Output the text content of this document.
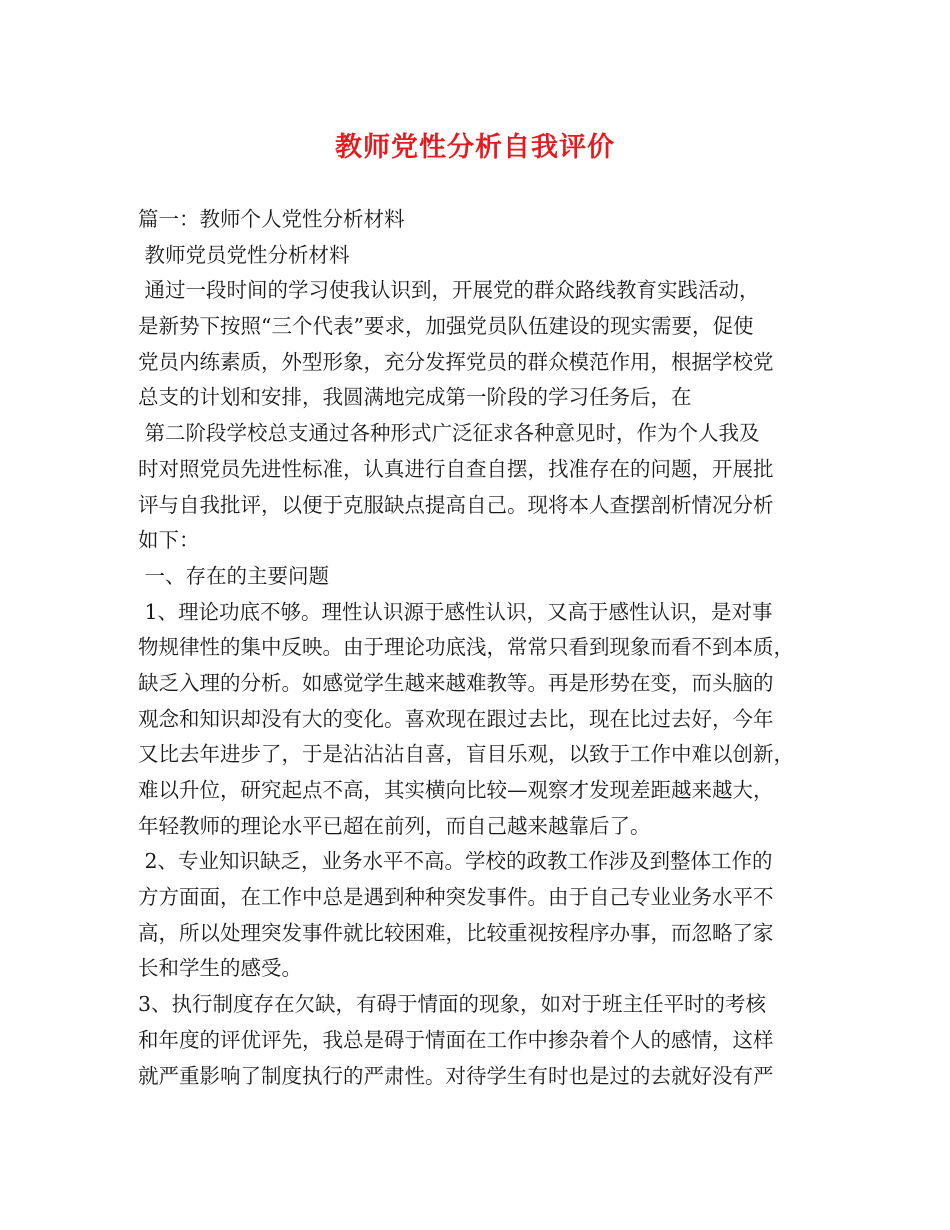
教师党性分析自我评价
篇一：教师个人党性分析材料
教师党员党性分析材料
通过一段时间的学习使我认识到，开展党的群众路线教育实践活动，
是新势下按照“三个代表”要求，加强党员队伍建设的现实需要，促使
党员内练素质，外型形象，充分发挥党员的群众模范作用，根据学校党
总支的计划和安排，我圆满地完成第一阶段的学习任务后，在
第二阶段学校总支通过各种形式广泛征求各种意见时，作为个人我及
时对照党员先进性标准，认真进行自查自摆，找准存在的问题，开展批
评与自我批评，以便于克服缺点提高自己。现将本人查摆剖析情况分析
如下：
一、存在的主要问题
1、理论功底不够。理性认识源于感性认识，又高于感性认识，是对事
物规律性的集中反映。由于理论功底浅，常常只看到现象而看不到本质，
缺乏入理的分析。如感觉学生越来越难教等。再是形势在变，而头脑的
观念和知识却没有大的变化。喜欢现在跟过去比，现在比过去好，今年
又比去年进步了，于是沾沾沾自喜，盲目乐观，以致于工作中难以创新，
难以升位，研究起点不高，其实横向比较—观察才发现差距越来越大，
年轻教师的理论水平已超在前列，而自己越来越靠后了。
2、专业知识缺乏，业务水平不高。学校的政教工作涉及到整体工作的
方方面面，在工作中总是遇到种种突发事件。由于自己专业业务水平不
高，所以处理突发事件就比较困难，比较重视按程序办事，而忽略了家
长和学生的感受。
3、执行制度存在欠缺，有碍于情面的现象，如对于班主任平时的考核
和年度的评优评先，我总是碍于情面在工作中掺杂着个人的感情，这样
就严重影响了制度执行的严肃性。对待学生有时也是过的去就好没有严
